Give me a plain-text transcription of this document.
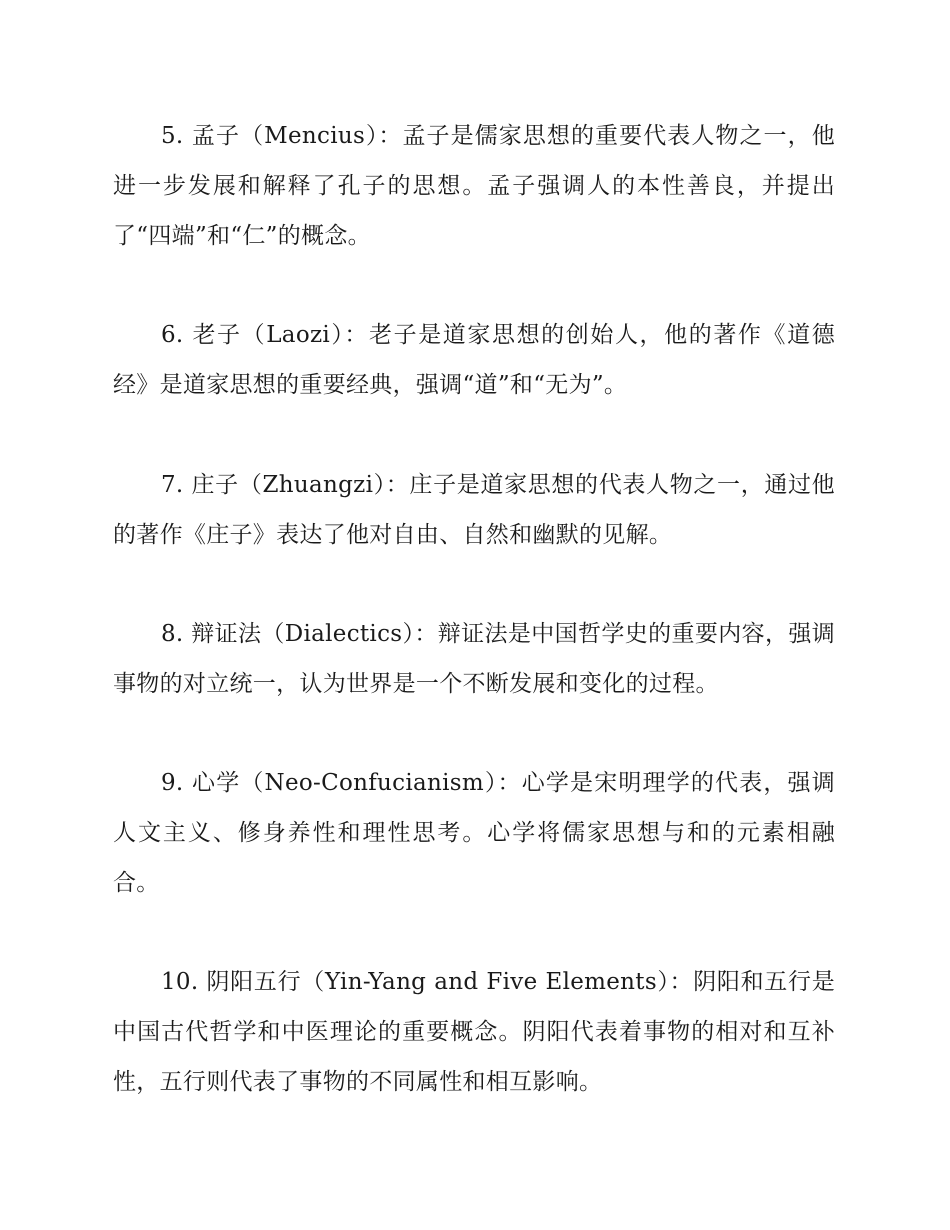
5. 孟子（Mencius）：孟子是儒家思想的重要代表人物之一，他进一步发展和解释了孔子的思想。孟子强调人的本性善良，并提出了“四端”和“仁”的概念。

6. 老子（Laozi）：老子是道家思想的创始人，他的著作《道德经》是道家思想的重要经典，强调“道”和“无为”。

7. 庄子（Zhuangzi）：庄子是道家思想的代表人物之一，通过他的著作《庄子》表达了他对自由、自然和幽默的见解。

8. 辩证法（Dialectics）：辩证法是中国哲学史的重要内容，强调事物的对立统一，认为世界是一个不断发展和变化的过程。

9. 心学（Neo-Confucianism）：心学是宋明理学的代表，强调人文主义、修身养性和理性思考。心学将儒家思想与和的元素相融合。

10. 阴阳五行（Yin-Yang and Five Elements）：阴阳和五行是中国古代哲学和中医理论的重要概念。阴阳代表着事物的相对和互补性，五行则代表了事物的不同属性和相互影响。
